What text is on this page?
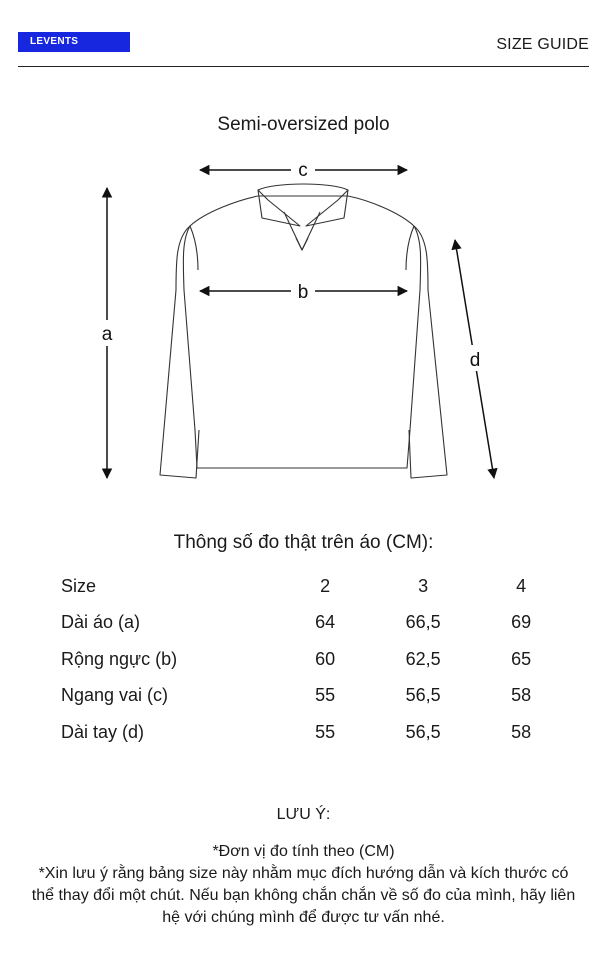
LEVENTS	SIZE GUIDE
Semi-oversized polo
a
c
b
d
Thông số đo thật trên áo (CM):
Size	2	3	4
Dài áo (a)	64	66,5	69
Rộng ngực (b)	60	62,5	65
Ngang vai (c)	55	56,5	58
Dài tay (d)	55	56,5	58
LƯU Ý:
*Đơn vị đo tính theo (CM)
*Xin lưu ý rằng bảng size này nhằm mục đích hướng dẫn và kích thước có thể thay đổi một chút. Nếu bạn không chắn chắn về số đo của mình, hãy liên hệ với chúng mình để được tư vấn nhé.
